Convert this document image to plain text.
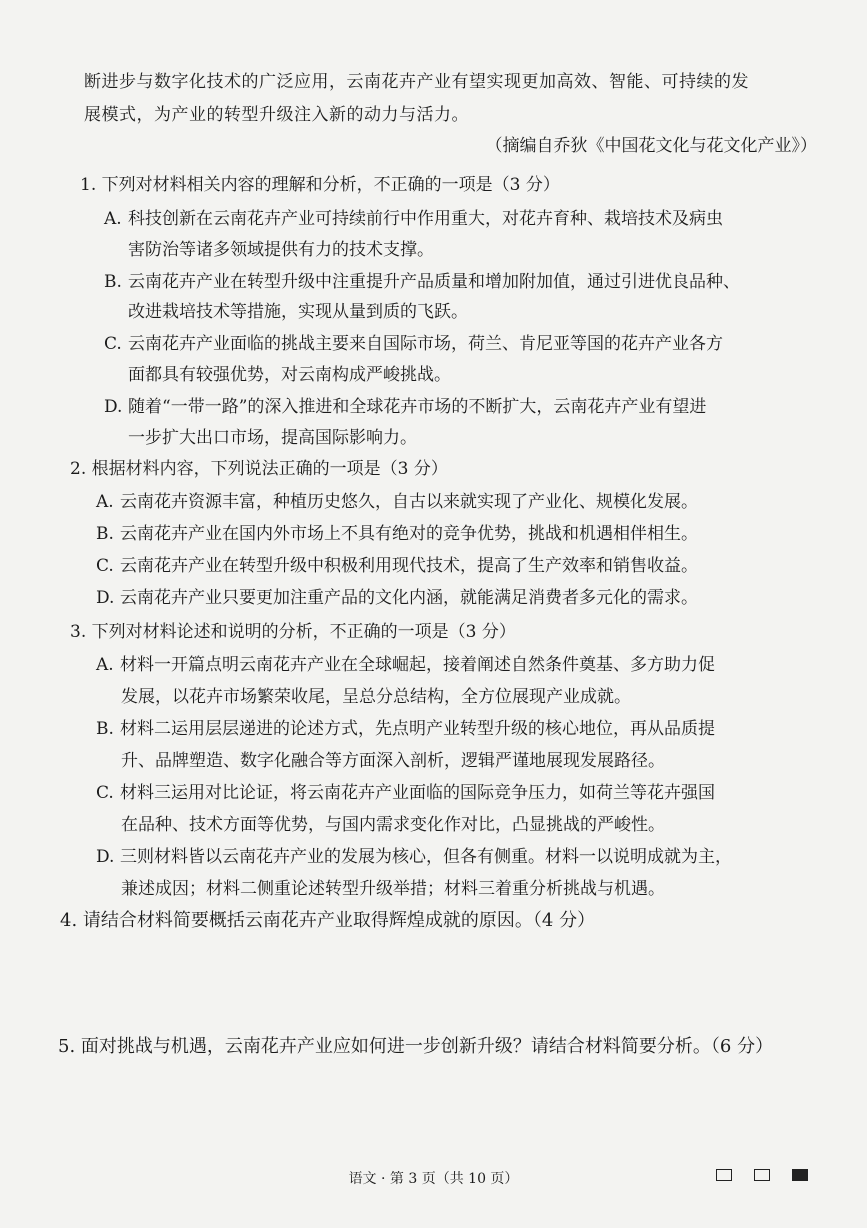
断进步与数字化技术的广泛应用，云南花卉产业有望实现更加高效、智能、可持续的发
展模式，为产业的转型升级注入新的动力与活力。
（摘编自乔狄《中国花文化与花文化产业》）
1. 下列对材料相关内容的理解和分析，不正确的一项是（3 分）
A. 科技创新在云南花卉产业可持续前行中作用重大，对花卉育种、栽培技术及病虫
害防治等诸多领域提供有力的技术支撑。
B. 云南花卉产业在转型升级中注重提升产品质量和增加附加值，通过引进优良品种、
改进栽培技术等措施，实现从量到质的飞跃。
C. 云南花卉产业面临的挑战主要来自国际市场，荷兰、肯尼亚等国的花卉产业各方
面都具有较强优势，对云南构成严峻挑战。
D. 随着“一带一路”的深入推进和全球花卉市场的不断扩大，云南花卉产业有望进
一步扩大出口市场，提高国际影响力。
2. 根据材料内容，下列说法正确的一项是（3 分）
A. 云南花卉资源丰富，种植历史悠久，自古以来就实现了产业化、规模化发展。
B. 云南花卉产业在国内外市场上不具有绝对的竞争优势，挑战和机遇相伴相生。
C. 云南花卉产业在转型升级中积极利用现代技术，提高了生产效率和销售收益。
D. 云南花卉产业只要更加注重产品的文化内涵，就能满足消费者多元化的需求。
3. 下列对材料论述和说明的分析，不正确的一项是（3 分）
A. 材料一开篇点明云南花卉产业在全球崛起，接着阐述自然条件奠基、多方助力促
发展，以花卉市场繁荣收尾，呈总分总结构，全方位展现产业成就。
B. 材料二运用层层递进的论述方式，先点明产业转型升级的核心地位，再从品质提
升、品牌塑造、数字化融合等方面深入剖析，逻辑严谨地展现发展路径。
C. 材料三运用对比论证，将云南花卉产业面临的国际竞争压力，如荷兰等花卉强国
在品种、技术方面等优势，与国内需求变化作对比，凸显挑战的严峻性。
D. 三则材料皆以云南花卉产业的发展为核心，但各有侧重。材料一以说明成就为主，
兼述成因；材料二侧重论述转型升级举措；材料三着重分析挑战与机遇。
4. 请结合材料简要概括云南花卉产业取得辉煌成就的原因。（4 分）
5. 面对挑战与机遇，云南花卉产业应如何进一步创新升级？请结合材料简要分析。（6 分）
语文 · 第 3 页（共 10 页）
